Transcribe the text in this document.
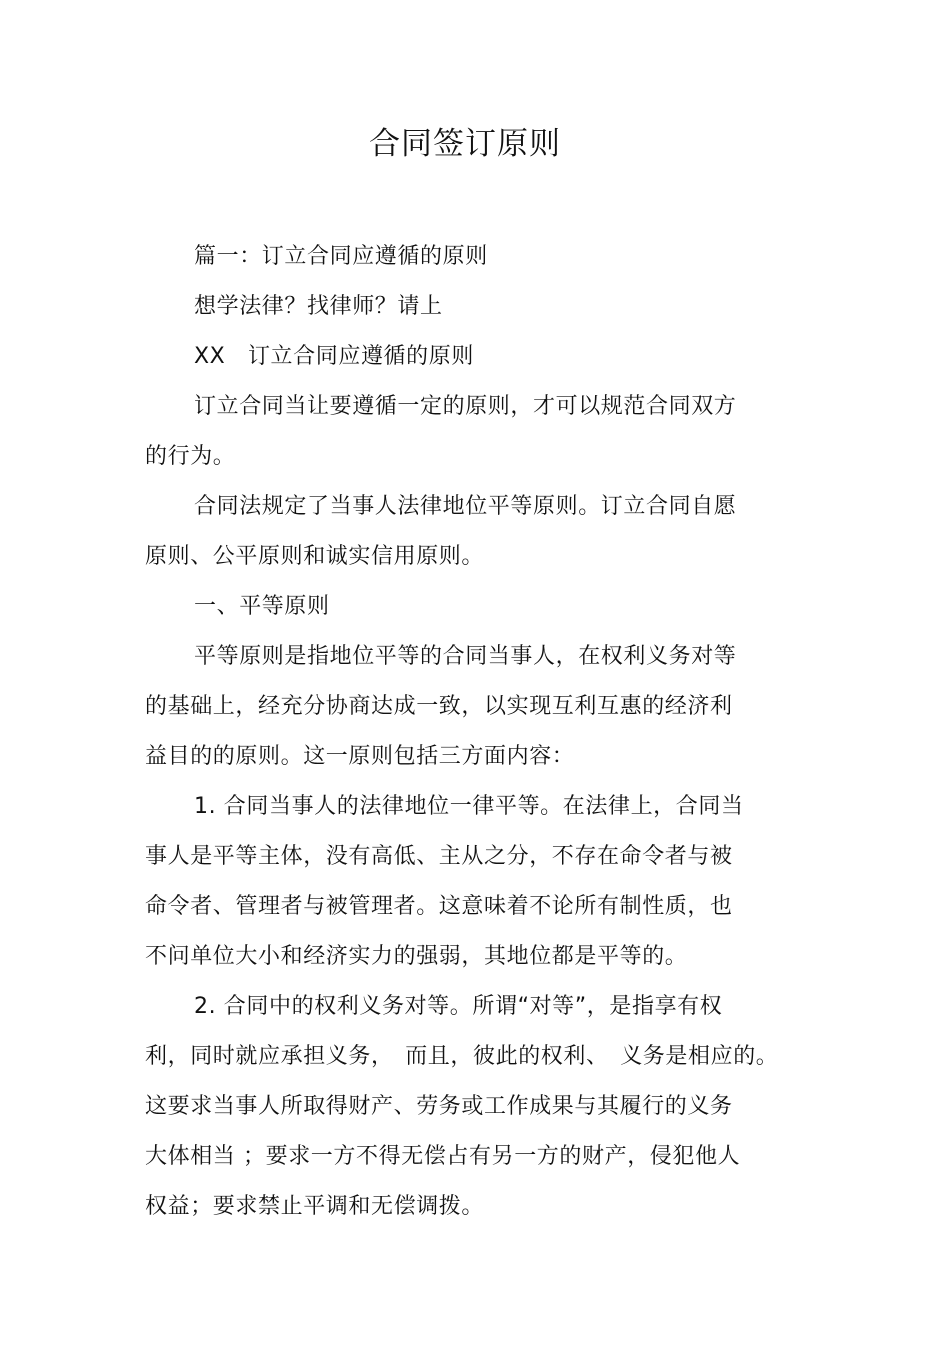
合同签订原则
篇一：订立合同应遵循的原则
想学法律？找律师？请上
XX　订立合同应遵循的原则
订立合同当让要遵循一定的原则，才可以规范合同双方
的行为。
合同法规定了当事人法律地位平等原则。订立合同自愿
原则、公平原则和诚实信用原则。
一、平等原则
平等原则是指地位平等的合同当事人，在权利义务对等
的基础上，经充分协商达成一致，以实现互利互惠的经济利
益目的的原则。这一原则包括三方面内容：
1. 合同当事人的法律地位一律平等。在法律上，合同当
事人是平等主体，没有高低、主从之分，不存在命令者与被
命令者、管理者与被管理者。这意味着不论所有制性质，也
不问单位大小和经济实力的强弱，其地位都是平等的。
2. 合同中的权利义务对等。所谓“对等”，是指享有权
利，同时就应承担义务，　而且，彼此的权利、　义务是相应的。
这要求当事人所取得财产、劳务或工作成果与其履行的义务
大体相当 ；要求一方不得无偿占有另一方的财产，侵犯他人
权益；要求禁止平调和无偿调拨。
